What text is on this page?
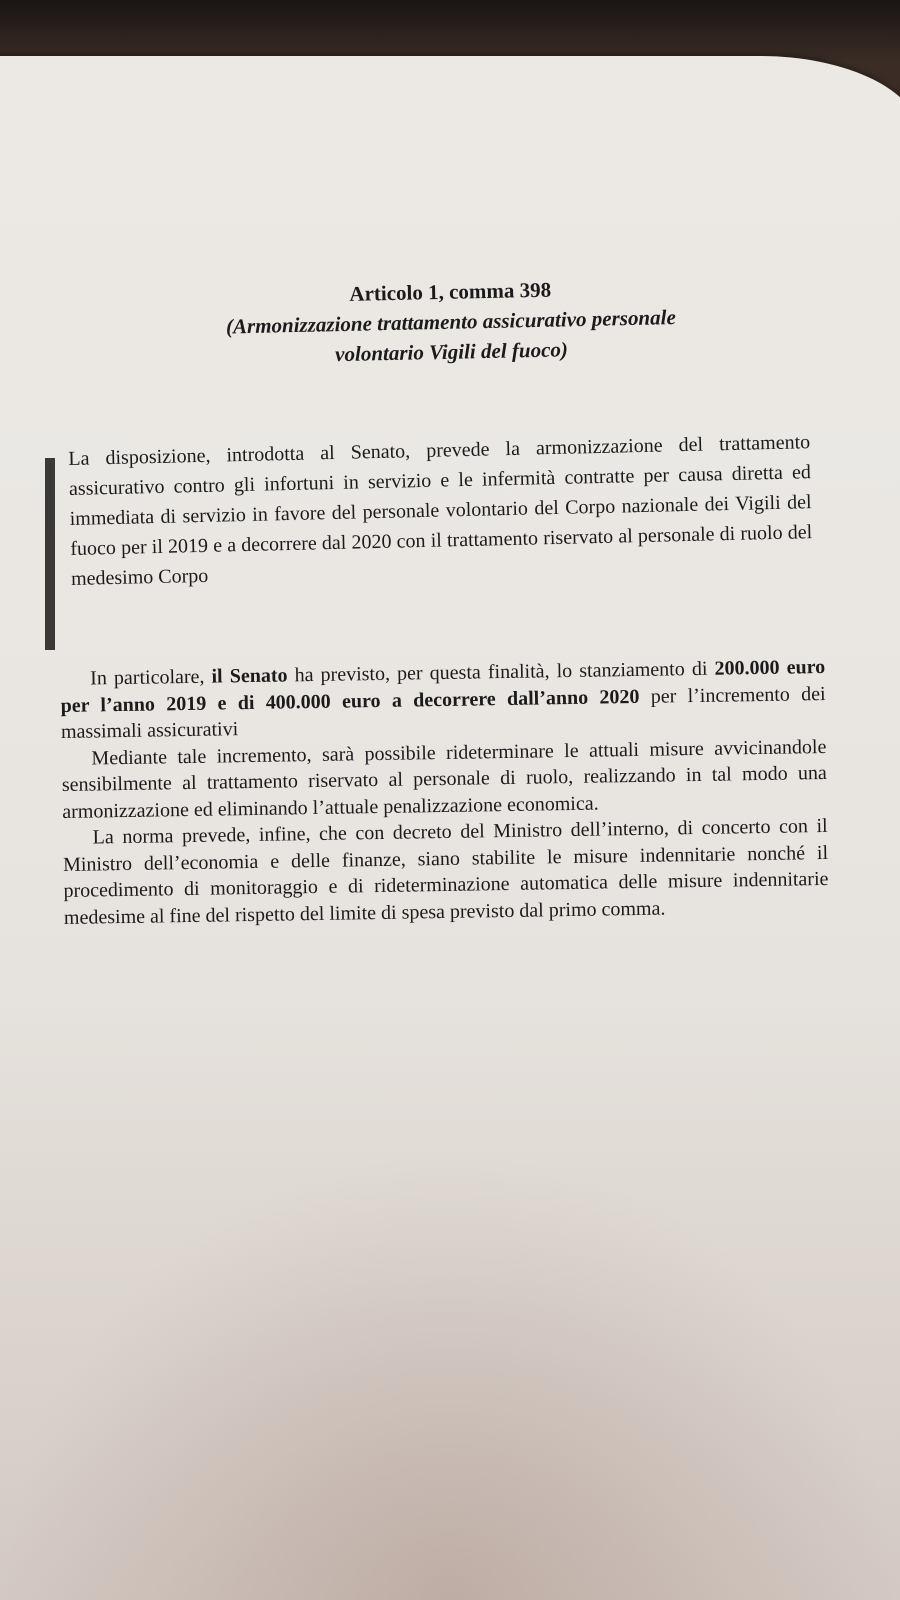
Articolo 1, comma 398
(Armonizzazione trattamento assicurativo personale volontario Vigili del fuoco)

La disposizione, introdotta al Senato, prevede la armonizzazione del trattamento assicurativo contro gli infortuni in servizio e le infermità contratte per causa diretta ed immediata di servizio in favore del personale volontario del Corpo nazionale dei Vigili del fuoco per il 2019 e a decorrere dal 2020 con il trattamento riservato al personale di ruolo del medesimo Corpo

In particolare, il Senato ha previsto, per questa finalità, lo stanziamento di 200.000 euro per l’anno 2019 e di 400.000 euro a decorrere dall’anno 2020 per l’incremento dei massimali assicurativi

Mediante tale incremento, sarà possibile rideterminare le attuali misure avvicinandole sensibilmente al trattamento riservato al personale di ruolo, realizzando in tal modo una armonizzazione ed eliminando l’attuale penalizzazione economica.

La norma prevede, infine, che con decreto del Ministro dell’interno, di concerto con il Ministro dell’economia e delle finanze, siano stabilite le misure indennitarie nonché il procedimento di monitoraggio e di rideterminazione automatica delle misure indennitarie medesime al fine del rispetto del limite di spesa previsto dal primo comma.
